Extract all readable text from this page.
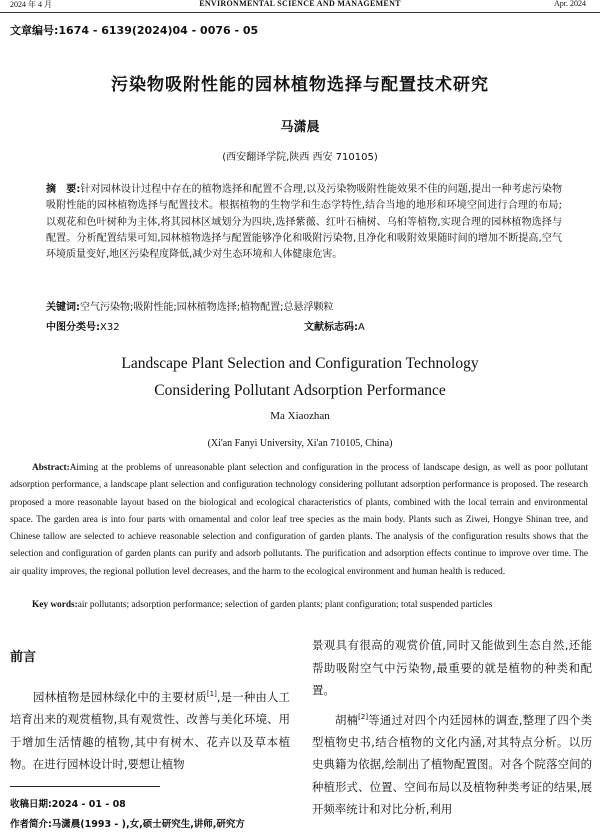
2024 年 4 月	ENVIRONMENTAL SCIENCE AND MANAGEMENT	Apr. 2024
文章编号:1674 - 6139(2024)04 - 0076 - 05
污染物吸附性能的园林植物选择与配置技术研究
马潇晨
(西安翻译学院,陕西 西安 710105)
摘　要:针对园林设计过程中存在的植物选择和配置不合理,以及污染物吸附性能效果不佳的问题,提出一种考虑污染物吸附性能的园林植物选择与配置技术。根据植物的生物学和生态学特性,结合当地的地形和环境空间进行合理的布局;以观花和色叶树种为主体,将其园林区域划分为四块,选择紫薇、红叶石楠树、乌桕等植物,实现合理的园林植物选择与配置。分析配置结果可知,园林植物选择与配置能够净化和吸附污染物,且净化和吸附效果随时间的增加不断提高,空气环境质量变好,地区污染程度降低,减少对生态环境和人体健康危害。
关键词:空气污染物;吸附性能;园林植物选择;植物配置;总悬浮颗粒
中图分类号:X32	文献标志码:A
Landscape Plant Selection and Configuration Technology
Considering Pollutant Adsorption Performance
Ma Xiaozhan
(Xi'an Fanyi University, Xi'an 710105, China)
Abstract:Aiming at the problems of unreasonable plant selection and configuration in the process of landscape design, as well as poor pollutant adsorption performance, a landscape plant selection and configuration technology considering pollutant adsorption performance is proposed. The research proposed a more reasonable layout based on the biological and ecological characteristics of plants, combined with the local terrain and environmental space. The garden area is into four parts with ornamental and color leaf tree species as the main body. Plants such as Ziwei, Hongye Shinan tree, and Chinese tallow are selected to achieve reasonable selection and configuration of garden plants. The analysis of the configuration results shows that the selection and configuration of garden plants can purify and adsorb pollutants. The purification and adsorption effects continue to improve over time. The air quality improves, the regional pollution level decreases, and the harm to the ecological environment and human health is reduced.
Key words:air pollutants; adsorption performance; selection of garden plants; plant configuration; total suspended particles
前言
园林植物是园林绿化中的主要材质[1],是一种由人工培育出来的观赏植物,具有观赏性、改善与美化环境、用于增加生活情趣的植物,其中有树木、花卉以及草本植物。在进行园林设计时,要想让植物
收稿日期:2024 - 01 - 08
作者简介:马潇晨(1993 - ),女,硕士研究生,讲师,研究方
景观具有很高的观赏价值,同时又能做到生态自然,还能帮助吸附空气中污染物,最重要的就是植物的种类和配置。
胡楠[2]等通过对四个内廷园林的调查,整理了四个类型植物史书,结合植物的文化内涵,对其特点分析。以历史典籍为依据,绘制出了植物配置图。对各个院落空间的种植形式、位置、空间布局以及植物种类考证的结果,展开频率统计和对比分析,利用
